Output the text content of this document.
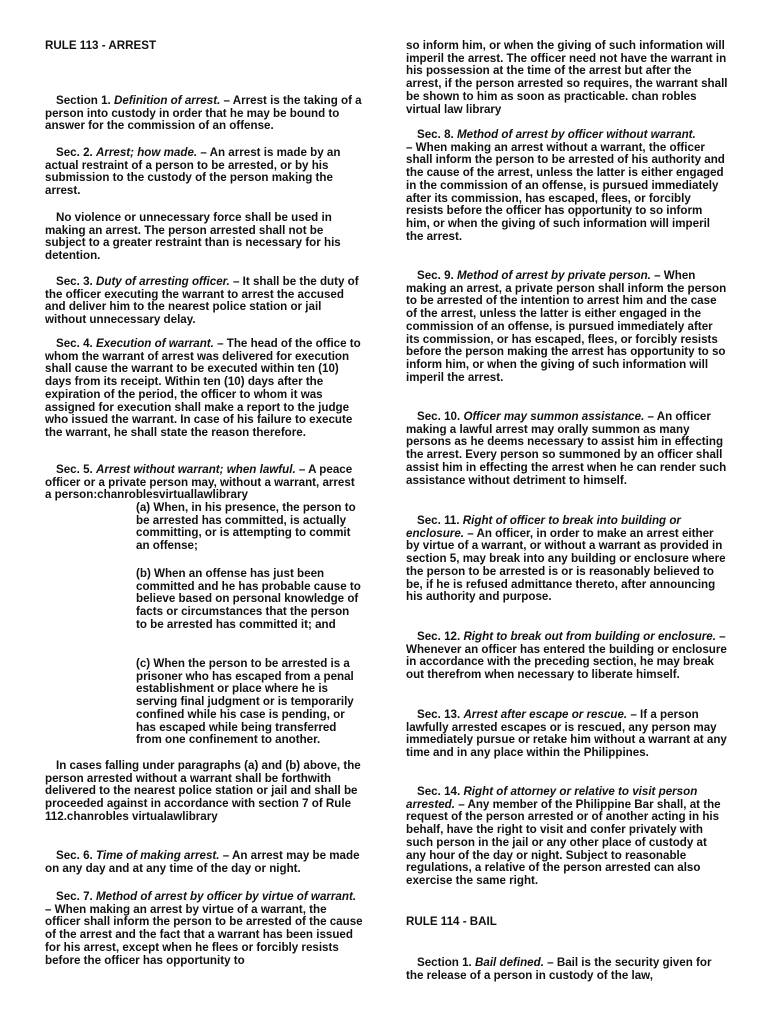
RULE 113 - ARREST

Section 1. Definition of arrest. – Arrest is the taking of a person into custody in order that he may be bound to answer for the commission of an offense.

Sec. 2. Arrest; how made. – An arrest is made by an actual restraint of a person to be arrested, or by his submission to the custody of the person making the arrest.

No violence or unnecessary force shall be used in making an arrest. The person arrested shall not be subject to a greater restraint than is necessary for his detention.

Sec. 3. Duty of arresting officer. – It shall be the duty of the officer executing the warrant to arrest the accused and deliver him to the nearest police station or jail without unnecessary delay.

Sec. 4. Execution of warrant. – The head of the office to whom the warrant of arrest was delivered for execution shall cause the warrant to be executed within ten (10) days from its receipt. Within ten (10) days after the expiration of the period, the officer to whom it was assigned for execution shall make a report to the judge who issued the warrant. In case of his failure to execute the warrant, he shall state the reason therefore.

Sec. 5. Arrest without warrant; when lawful. – A peace officer or a private person may, without a warrant, arrest a person:chanroblesvirtuallawlibrary

(a) When, in his presence, the person to be arrested has committed, is actually committing, or is attempting to commit an offense;

(b) When an offense has just been committed and he has probable cause to believe based on personal knowledge of facts or circumstances that the person to be arrested has committed it; and

(c) When the person to be arrested is a prisoner who has escaped from a penal establishment or place where he is serving final judgment or is temporarily confined while his case is pending, or has escaped while being transferred from one confinement to another.

In cases falling under paragraphs (a) and (b) above, the person arrested without a warrant shall be forthwith delivered to the nearest police station or jail and shall be proceeded against in accordance with section 7 of Rule 112.chanrobles virtualawlibrary

Sec. 6. Time of making arrest. – An arrest may be made on any day and at any time of the day or night.

Sec. 7. Method of arrest by officer by virtue of warrant.
– When making an arrest by virtue of a warrant, the officer shall inform the person to be arrested of the cause of the arrest and the fact that a warrant has been issued for his arrest, except when he flees or forcibly resists before the officer has opportunity to

so inform him, or when the giving of such information will imperil the arrest. The officer need not have the warrant in his possession at the time of the arrest but after the arrest, if the person arrested so requires, the warrant shall be shown to him as soon as practicable. chan robles virtual law library

Sec. 8. Method of arrest by officer without warrant.
– When making an arrest without a warrant, the officer shall inform the person to be arrested of his authority and the cause of the arrest, unless the latter is either engaged in the commission of an offense, is pursued immediately after its commission, has escaped, flees, or forcibly resists before the officer has opportunity to so inform him, or when the giving of such information will imperil the arrest.

Sec. 9. Method of arrest by private person. – When making an arrest, a private person shall inform the person to be arrested of the intention to arrest him and the case of the arrest, unless the latter is either engaged in the commission of an offense, is pursued immediately after its commission, or has escaped, flees, or forcibly resists before the person making the arrest has opportunity to so inform him, or when the giving of such information will imperil the arrest.

Sec. 10. Officer may summon assistance. – An officer making a lawful arrest may orally summon as many persons as he deems necessary to assist him in effecting the arrest. Every person so summoned by an officer shall assist him in effecting the arrest when he can render such assistance without detriment to himself.

Sec. 11. Right of officer to break into building or enclosure. – An officer, in order to make an arrest either by virtue of a warrant, or without a warrant as provided in section 5, may break into any building or enclosure where the person to be arrested is or is reasonably believed to be, if he is refused admittance thereto, after announcing his authority and purpose.

Sec. 12. Right to break out from building or enclosure. – Whenever an officer has entered the building or enclosure in accordance with the preceding section, he may break out therefrom when necessary to liberate himself.

Sec. 13. Arrest after escape or rescue. – If a person lawfully arrested escapes or is rescued, any person may immediately pursue or retake him without a warrant at any time and in any place within the Philippines.

Sec. 14. Right of attorney or relative to visit person arrested. – Any member of the Philippine Bar shall, at the request of the person arrested or of another acting in his behalf, have the right to visit and confer privately with such person in the jail or any other place of custody at any hour of the day or night. Subject to reasonable regulations, a relative of the person arrested can also exercise the same right.

RULE 114 - BAIL

Section 1. Bail defined. – Bail is the security given for the release of a person in custody of the law,
